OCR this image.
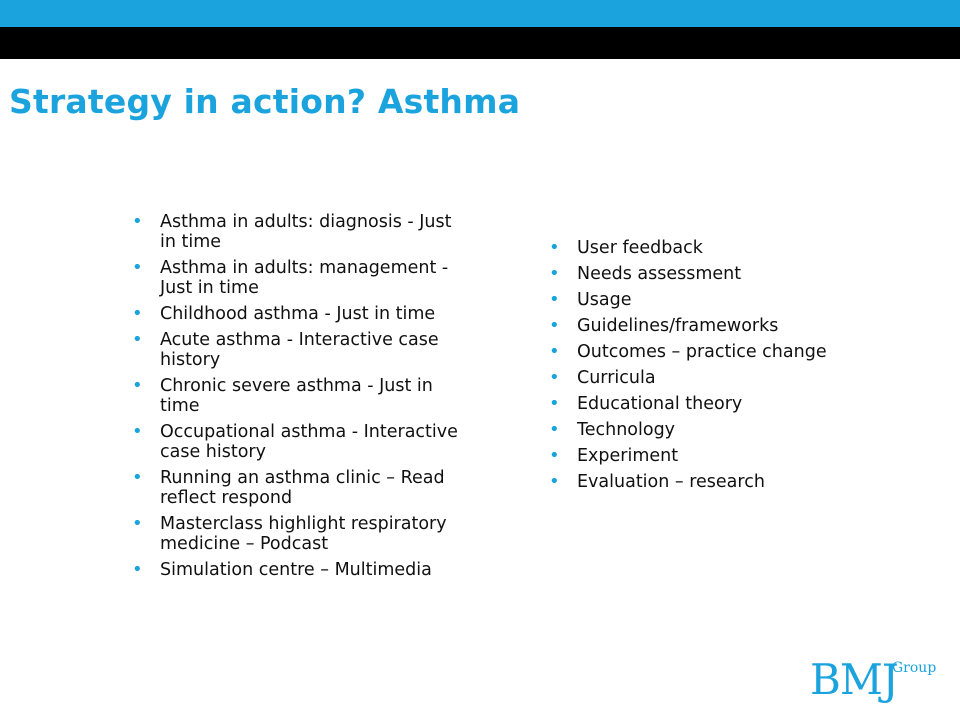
Strategy in action? Asthma
• Asthma in adults: diagnosis - Just in time
• Asthma in adults: management - Just in time
• Childhood asthma - Just in time
• Acute asthma - Interactive case history
• Chronic severe asthma - Just in time
• Occupational asthma - Interactive case history
• Running an asthma clinic – Read reflect respond
• Masterclass highlight respiratory medicine – Podcast
• Simulation centre – Multimedia
• User feedback
• Needs assessment
• Usage
• Guidelines/frameworks
• Outcomes – practice change
• Curricula
• Educational theory
• Technology
• Experiment
• Evaluation – research
BMJ
Group
